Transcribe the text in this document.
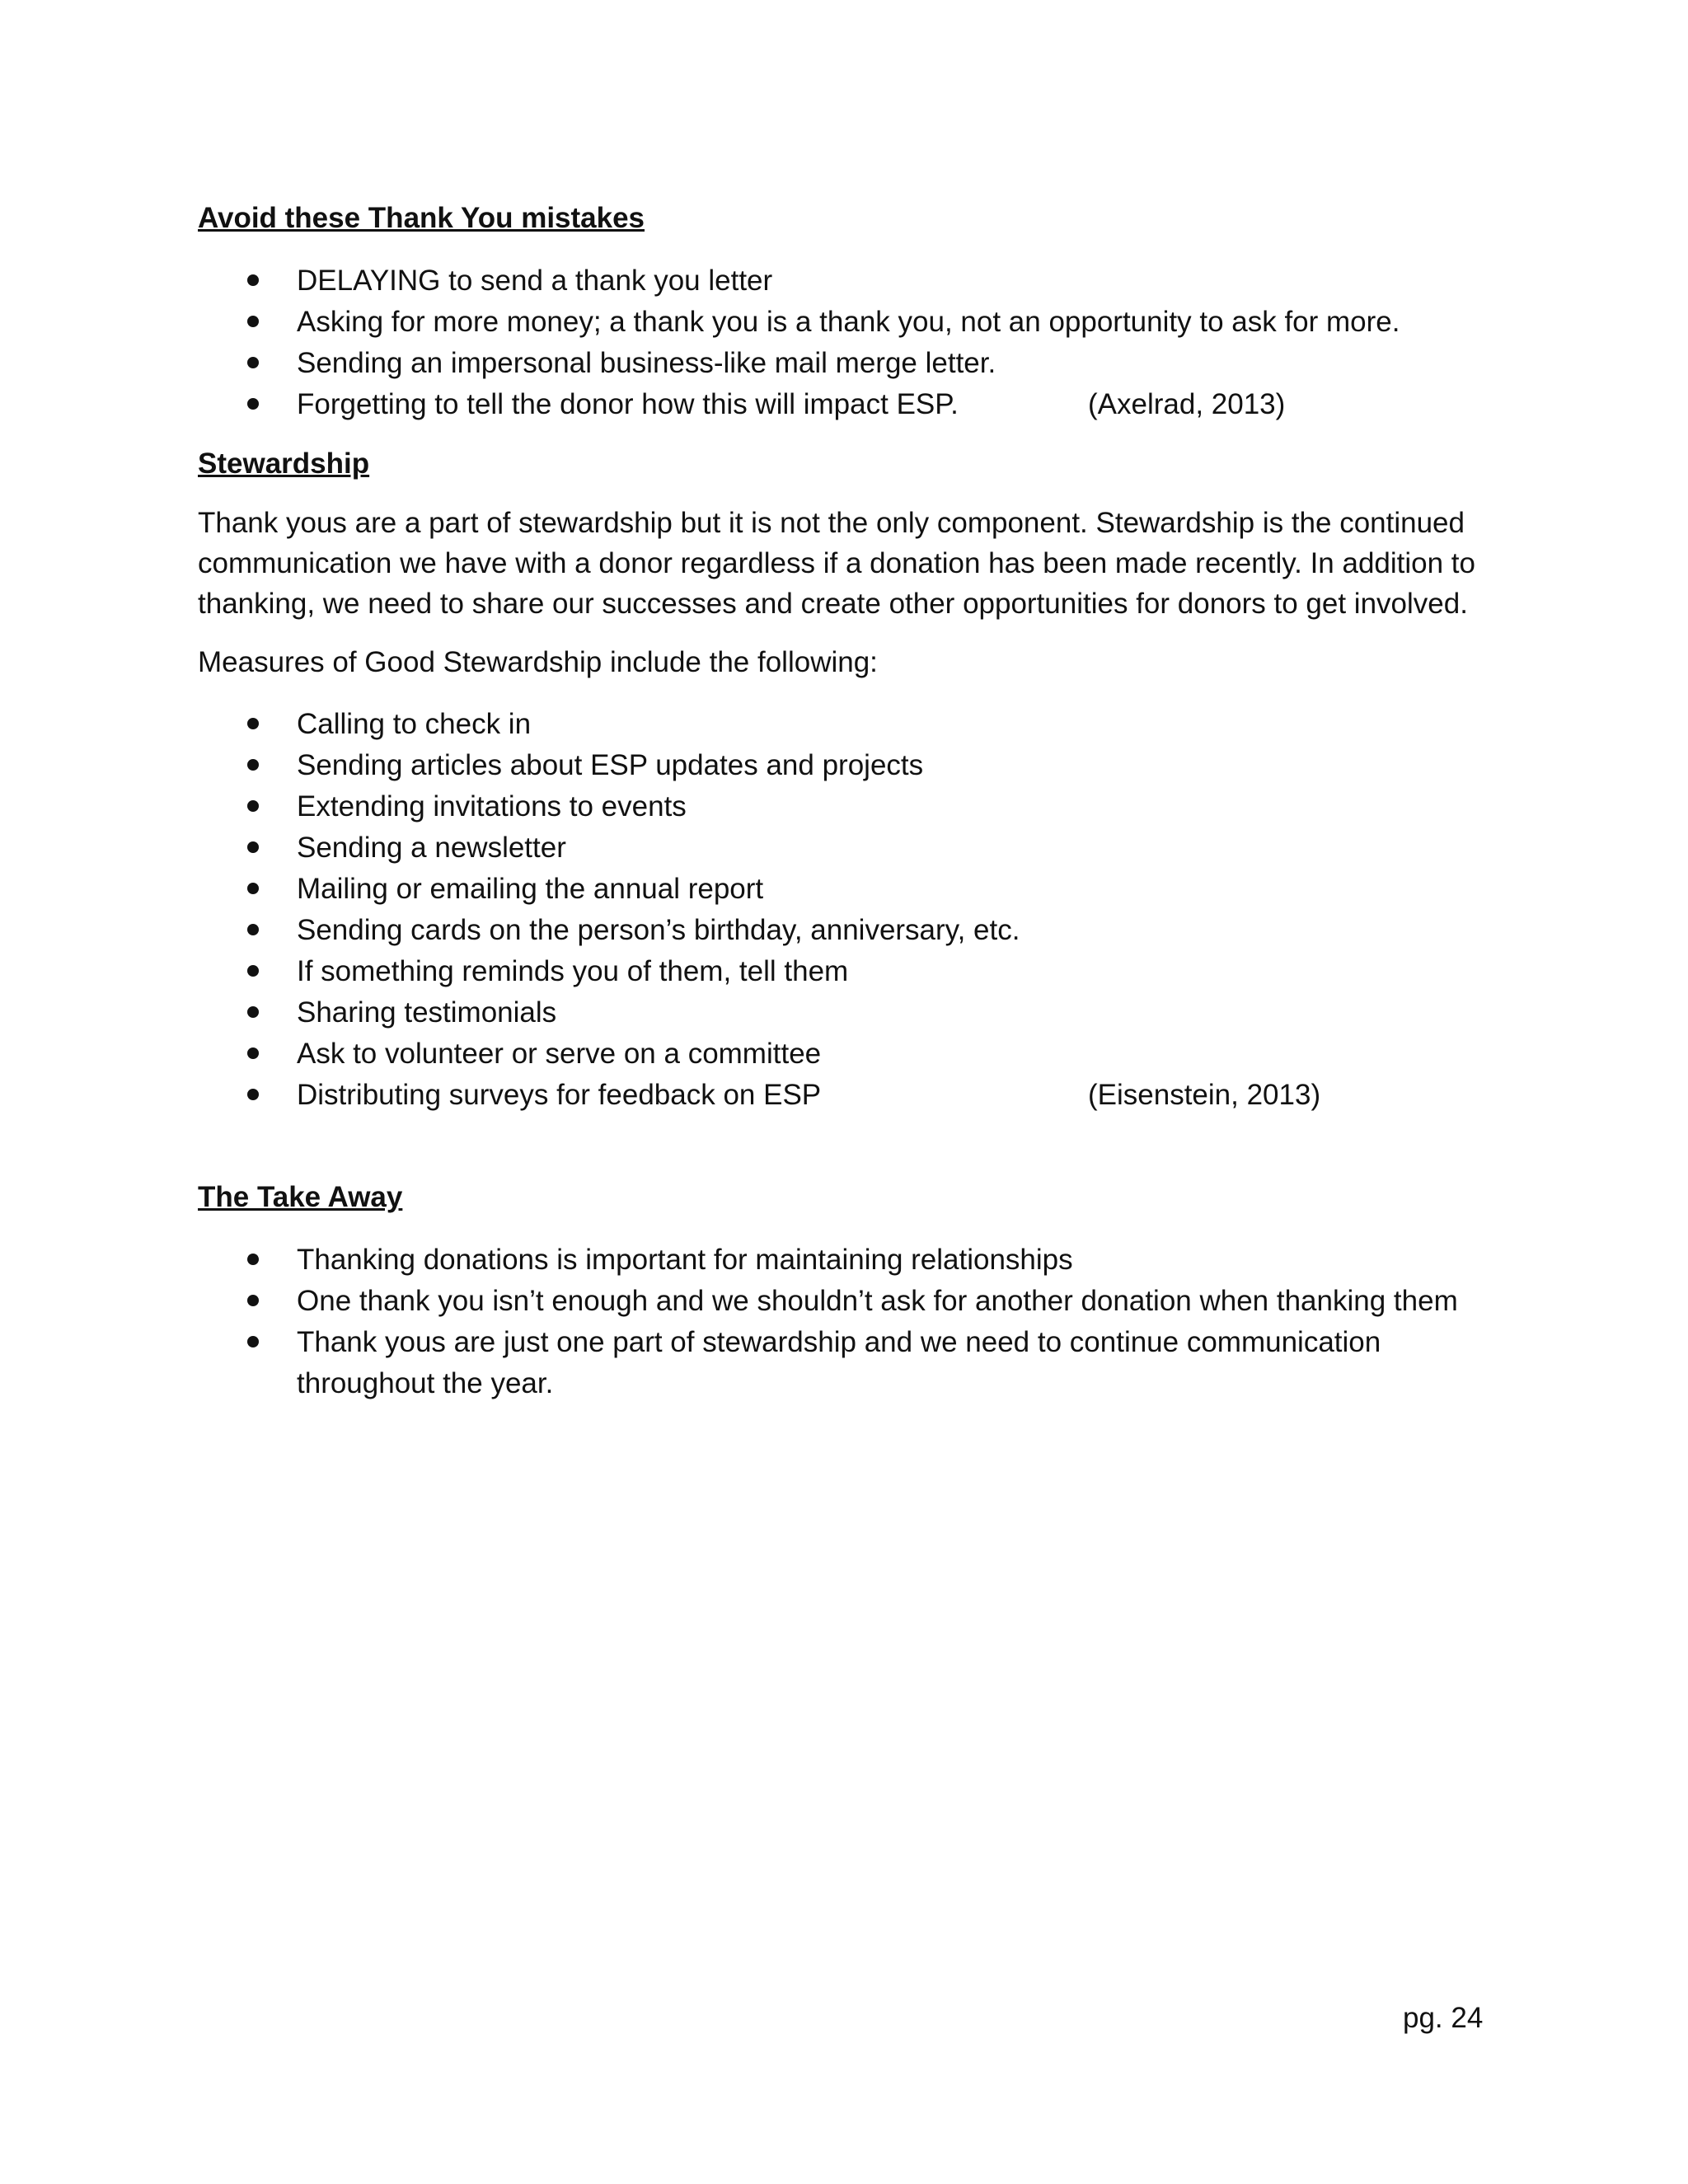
Avoid these Thank You mistakes
DELAYING to send a thank you letter
Asking for more money; a thank you is a thank you, not an opportunity to ask for more.
Sending an impersonal business-like mail merge letter.
Forgetting to tell the donor how this will impact ESP.	(Axelrad, 2013)
Stewardship

Thank yous are a part of stewardship but it is not the only component. Stewardship is the continued communication we have with a donor regardless if a donation has been made recently. In addition to thanking, we need to share our successes and create other opportunities for donors to get involved.

Measures of Good Stewardship include the following:

Calling to check in
Sending articles about ESP updates and projects
Extending invitations to events
Sending a newsletter
Mailing or emailing the annual report
Sending cards on the person’s birthday, anniversary, etc.
If something reminds you of them, tell them
Sharing testimonials
Ask to volunteer or serve on a committee
Distributing surveys for feedback on ESP	(Eisenstein, 2013)
The Take Away
Thanking donations is important for maintaining relationships
One thank you isn’t enough and we shouldn’t ask for another donation when thanking them
Thank yous are just one part of stewardship and we need to continue communication throughout the year.
pg. 24
